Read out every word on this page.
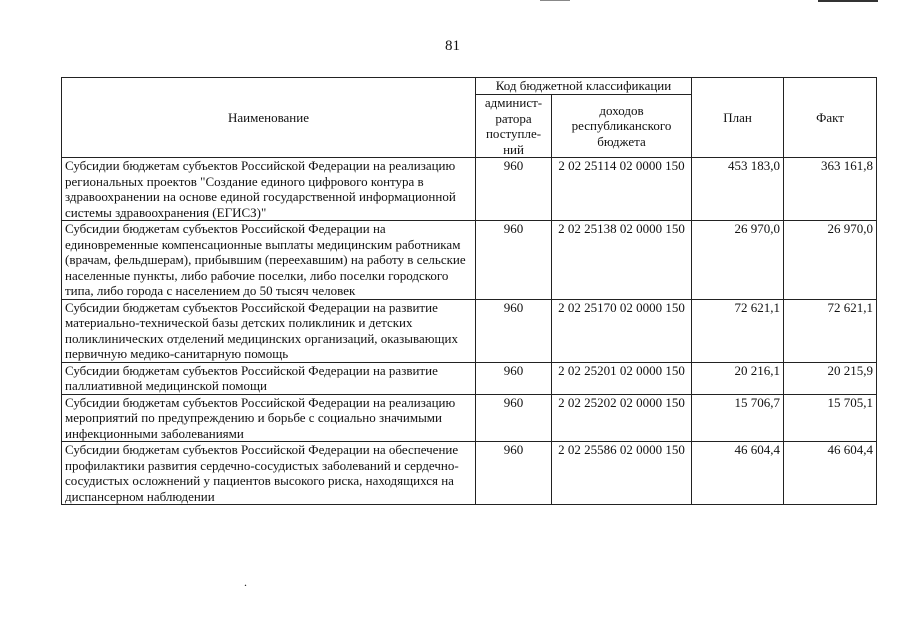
81
Наименование	Код бюджетной классификации		План	Факт
	админист-
ратора
поступле-
ний	доходов
республиканского
бюджета		
Субсидии бюджетам субъектов Российской Федерации на реализацию региональных проектов "Создание единого цифрового контура в здравоохранении на основе единой государственной информационной системы здравоохранения (ЕГИСЗ)"	960	2 02 25114 02 0000 150	453 183,0	363 161,8
Субсидии бюджетам субъектов Российской Федерации на единовременные компенсационные выплаты медицинским работникам (врачам, фельдшерам), прибывшим (переехавшим) на работу в сельские населенные пункты, либо рабочие поселки, либо поселки городского типа, либо города с населением до 50 тысяч человек	960	2 02 25138 02 0000 150	26 970,0	26 970,0
Субсидии бюджетам субъектов Российской Федерации на развитие материально-технической базы детских поликлиник и детских поликлинических отделений медицинских организаций, оказывающих первичную медико-санитарную помощь	960	2 02 25170 02 0000 150	72 621,1	72 621,1
Субсидии бюджетам субъектов Российской Федерации на развитие паллиативной медицинской помощи	960	2 02 25201 02 0000 150	20 216,1	20 215,9
Субсидии бюджетам субъектов Российской Федерации на реализацию мероприятий по предупреждению и борьбе с социально значимыми инфекционными заболеваниями	960	2 02 25202 02 0000 150	15 706,7	15 705,1
Субсидии бюджетам субъектов Российской Федерации на обеспечение профилактики развития сердечно-сосудистых заболеваний и сердечно-сосудистых осложнений у пациентов высокого риска, находящихся на диспансерном наблюдении	960	2 02 25586 02 0000 150	46 604,4	46 604,4
.
